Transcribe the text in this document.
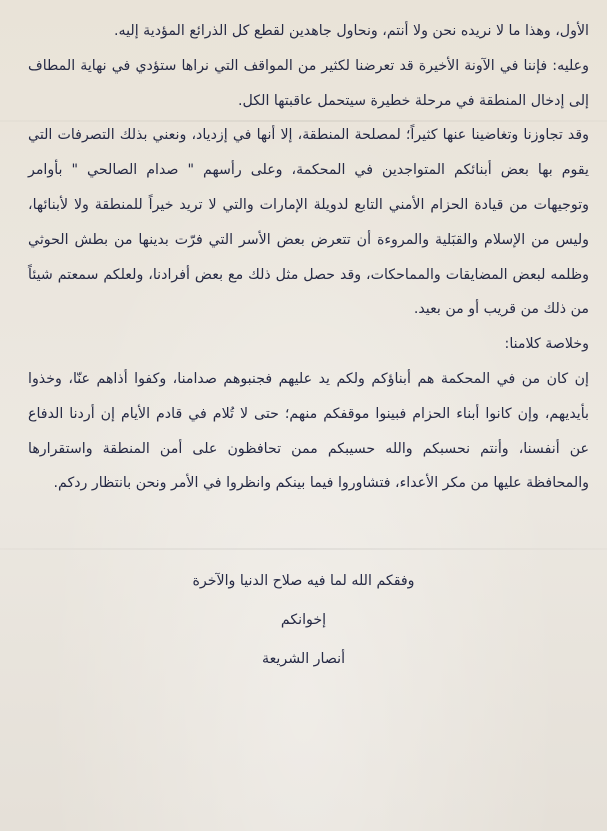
الأول، وهذا ما لا نريده نحن ولا أنتم، ونحاول جاهدين لقطع كل الذرائع المؤدية إليه.

وعليه: فإننا في الآونة الأخيرة قد تعرضنا لكثير من المواقف التي نراها ستؤدي في نهاية المطاف إلى إدخال المنطقة في مرحلة خطيرة سيتحمل عاقبتها الكل.

وقد تجاوزنا وتغاضينا عنها كثيراً؛ لمصلحة المنطقة، إلا أنها في إزدياد، ونعني بذلك التصرفات التي يقوم بها بعض أبنائكم المتواجدين في المحكمة، وعلى رأسهم " صدام الصالحي " بأوامر وتوجيهات من قيادة الحزام الأمني التابع لدويلة الإمارات والتي لا تريد خيراً للمنطقة ولا لأبنائها، وليس من الإسلام والقبَلية والمروءة أن تتعرض بعض الأسر التي فرّت بدينها من بطش الحوثي وظلمه لبعض المضايقات والمماحكات، وقد حصل مثل ذلك مع بعض أفرادنا، ولعلكم سمعتم شيئاً من ذلك من قريب أو من بعيد.

وخلاصة كلامنا:

إن كان من في المحكمة هم أبناؤكم ولكم يد عليهم فجنبوهم صدامنا، وكفوا أذاهم عنّا، وخذوا بأيديهم، وإن كانوا أبناء الحزام فبينوا موقفكم منهم؛ حتى لا تُلام في قادم الأيام إن أردنا الدفاع عن أنفسنا، وأنتم نحسبكم والله حسيبكم ممن تحافظون على أمن المنطقة واستقرارها والمحافظة عليها من مكر الأعداء، فتشاوروا فيما بينكم وانظروا في الأمر ونحن بانتظار ردكم.

وفقكم الله لما فيه صلاح الدنيا والآخرة
إخوانكم
أنصار الشريعة
